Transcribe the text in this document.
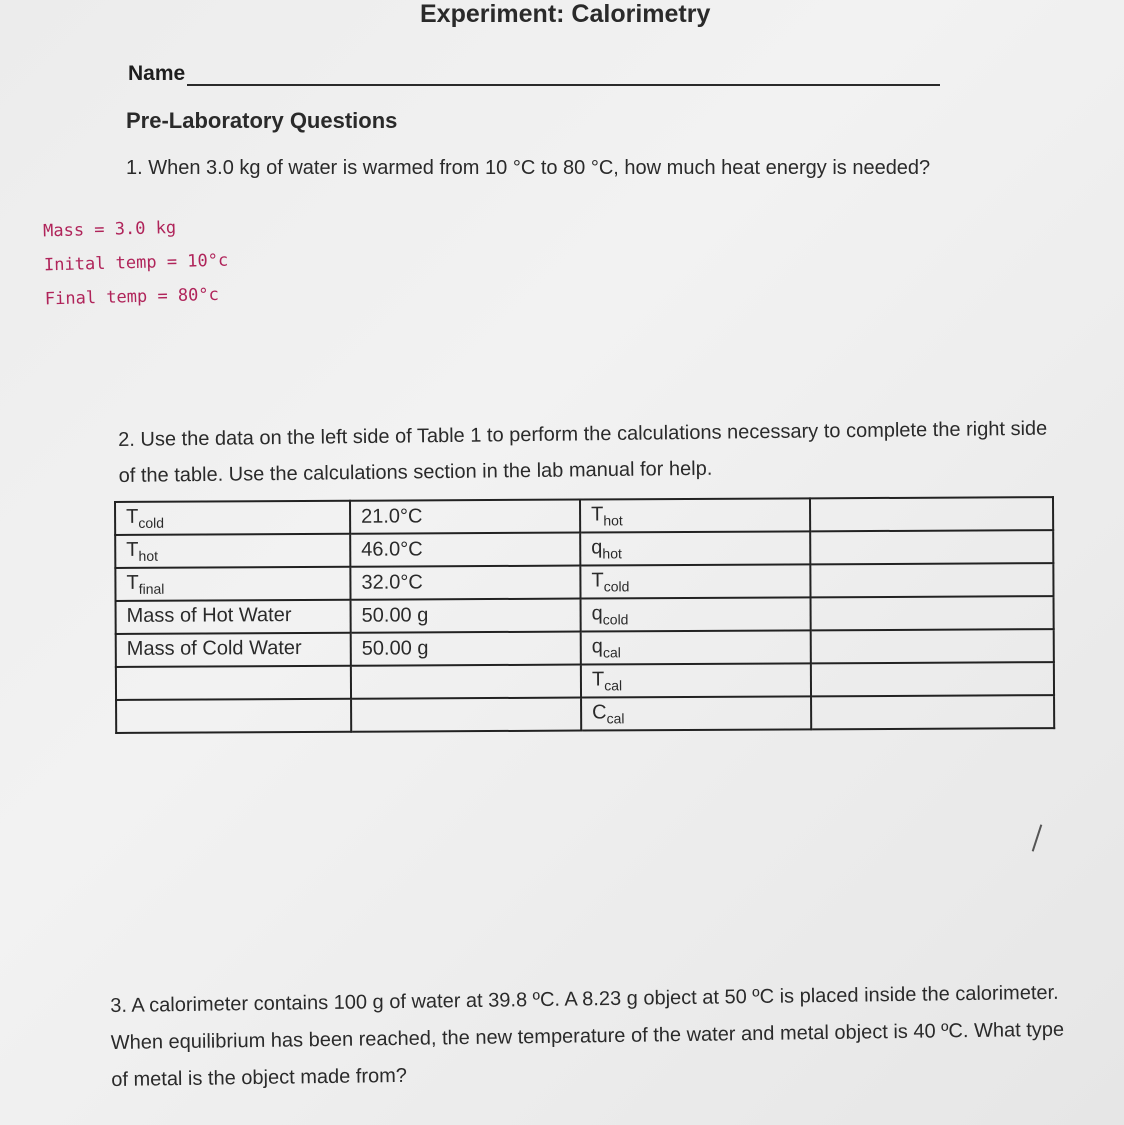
Experiment: Calorimetry
Name
Pre-Laboratory Questions
1. When 3.0 kg of water is warmed from 10 °C to 80 °C, how much heat energy is needed?
Mass = 3.0 kg
Inital temp = 10°c
Final temp = 80°c
2. Use the data on the left side of Table 1 to perform the calculations necessary to complete the right side of the table. Use the calculations section in the lab manual for help.
$T_{cold}$	21.0°C	$T_{hot}$	
$T_{hot}$	46.0°C	$q_{hot}$	
$T_{final}$	32.0°C	$T_{cold}$	
Mass of Hot Water	50.00 g	$q_{cold}$	
Mass of Cold Water	50.00 g	$q_{cal}$	
		$T_{cal}$	
		$C_{cal}$	
3. A calorimeter contains 100 g of water at 39.8 ºC. A 8.23 g object at 50 ºC is placed inside the calorimeter. When equilibrium has been reached, the new temperature of the water and metal object is 40 ºC. What type of metal is the object made from?
